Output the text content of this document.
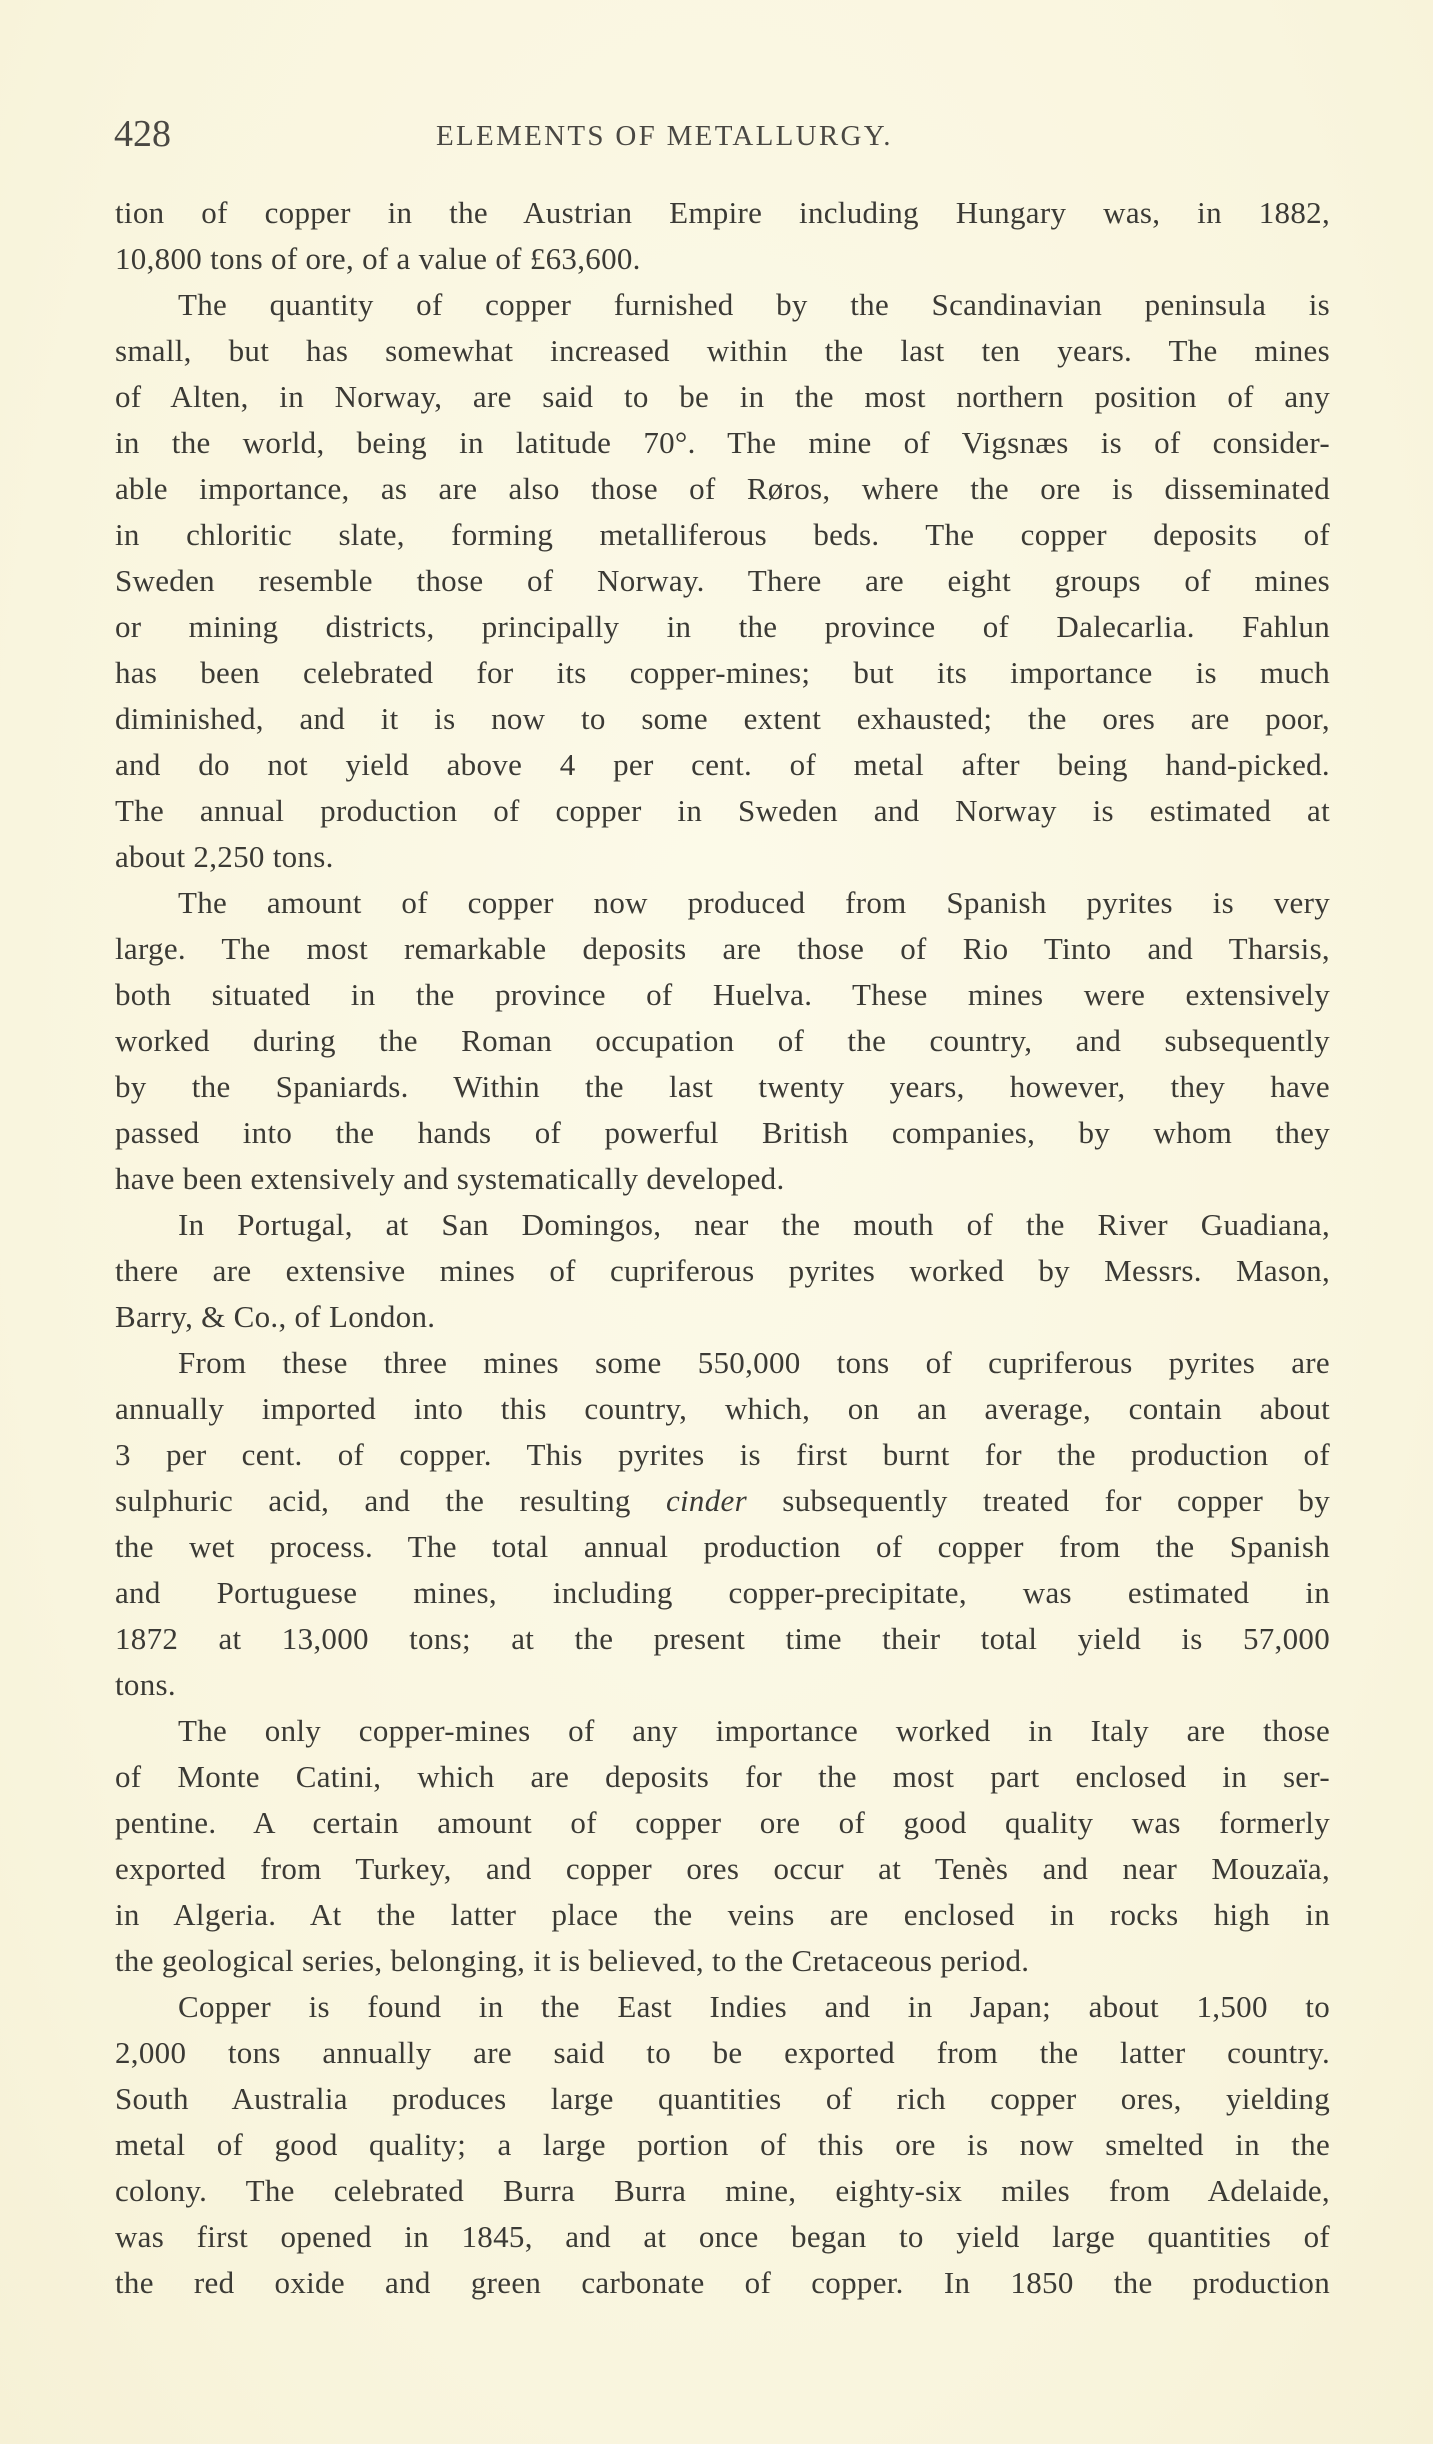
428	ELEMENTS OF METALLURGY.
tion of copper in the Austrian Empire including Hungary was, in 1882,
10,800 tons of ore, of a value of £63,600.
The quantity of copper furnished by the Scandinavian peninsula is
small, but has somewhat increased within the last ten years. The mines
of Alten, in Norway, are said to be in the most northern position of any
in the world, being in latitude 70°. The mine of Vigsnæs is of consider-
able importance, as are also those of Røros, where the ore is disseminated
in chloritic slate, forming metalliferous beds. The copper deposits of
Sweden resemble those of Norway. There are eight groups of mines
or mining districts, principally in the province of Dalecarlia. Fahlun
has been celebrated for its copper-mines; but its importance is much
diminished, and it is now to some extent exhausted; the ores are poor,
and do not yield above 4 per cent. of metal after being hand-picked.
The annual production of copper in Sweden and Norway is estimated at
about 2,250 tons.
The amount of copper now produced from Spanish pyrites is very
large. The most remarkable deposits are those of Rio Tinto and Tharsis,
both situated in the province of Huelva. These mines were extensively
worked during the Roman occupation of the country, and subsequently
by the Spaniards. Within the last twenty years, however, they have
passed into the hands of powerful British companies, by whom they
have been extensively and systematically developed.
In Portugal, at San Domingos, near the mouth of the River Guadiana,
there are extensive mines of cupriferous pyrites worked by Messrs. Mason,
Barry, & Co., of London.
From these three mines some 550,000 tons of cupriferous pyrites are
annually imported into this country, which, on an average, contain about
3 per cent. of copper. This pyrites is first burnt for the production of
sulphuric acid, and the resulting cinder subsequently treated for copper by
the wet process. The total annual production of copper from the Spanish
and Portuguese mines, including copper-precipitate, was estimated in
1872 at 13,000 tons; at the present time their total yield is 57,000
tons.
The only copper-mines of any importance worked in Italy are those
of Monte Catini, which are deposits for the most part enclosed in ser-
pentine. A certain amount of copper ore of good quality was formerly
exported from Turkey, and copper ores occur at Tenès and near Mouzaïa,
in Algeria. At the latter place the veins are enclosed in rocks high in
the geological series, belonging, it is believed, to the Cretaceous period.
Copper is found in the East Indies and in Japan; about 1,500 to
2,000 tons annually are said to be exported from the latter country.
South Australia produces large quantities of rich copper ores, yielding
metal of good quality; a large portion of this ore is now smelted in the
colony. The celebrated Burra Burra mine, eighty-six miles from Adelaide,
was first opened in 1845, and at once began to yield large quantities of
the red oxide and green carbonate of copper. In 1850 the production
